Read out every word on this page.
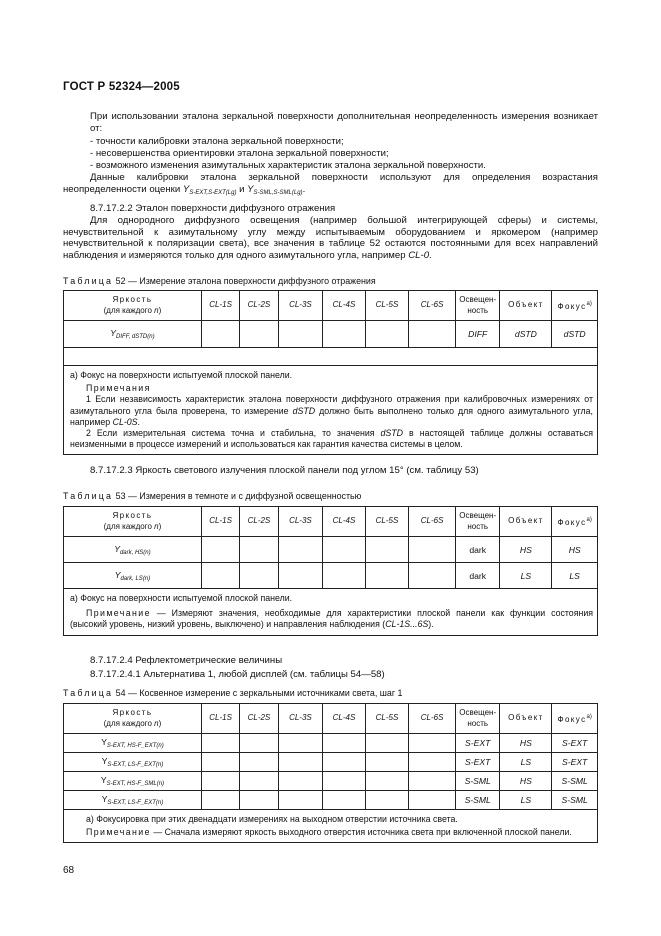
ГОСТ Р 52324—2005

При использовании эталона зеркальной поверхности дополнительная неопределенность измерения возникает от:

- точности калибровки эталона зеркальной поверхности;

- несовершенства ориентировки эталона зеркальной поверхности;

- возможного изменения азимутальных характеристик эталона зеркальной поверхности.

Данные калибровки эталона зеркальной поверхности используют для определения возрастания неопределенности оценки $Y_{S-EXT,S-EXT(Lg)}$ и $Y_{S-SML,S-SML(Lg)}$.

8.7.17.2.2 Эталон поверхности диффузного отражения

Для однородного диффузного освещения (например большой интегрирующей сферы) и системы, нечувствительной к азимутальному углу между испытываемым оборудованием и яркомером (например нечувствительной к поляризации света), все значения в таблице 52 остаются постоянными для всех направлений наблюдения и измеряются только для одного азимутального угла, например CL-0.

Таблица 52 — Измерение эталона поверхности диффузного отражения
Яркость
(для каждого n)	CL-1S	CL-2S	CL-3S	CL-4S	CL-5S	CL-6S	Освещен-
ность	Объект	Фокус$^{а)}$
$Y_{DIFF, dSTD(n)}$							DIFF	dSTD	dSTD

а) Фокус на поверхности испытуемой плоской панели.

Примечания

1 Если независимость характеристик эталона поверхности диффузного отражения при калибровочных измерениях от азимутального угла была проверена, то измерение dSTD должно быть выполнено только для одного азимутального угла, например CL-0S.

2 Если измерительная система точна и стабильна, то значения dSTD в настоящей таблице должны оставаться неизменными в процессе измерений и использоваться как гарантия качества системы в целом.									

8.7.17.2.3 Яркость светового излучения плоской панели под углом 15° (см. таблицу 53)

Таблица 53 — Измерения в темноте и с диффузной освещенностью
Яркость
(для каждого n)	CL-1S	CL-2S	CL-3S	CL-4S	CL-5S	CL-6S	Освещен-
ность	Объект	Фокус$^{а)}$
$Y_{dark, HS(n)}$							dark	HS	HS
$Y_{dark, LS(n)}$							dark	LS	LS

а) Фокус на поверхности испытуемой плоской панели.

Примечание — Измеряют значения, необходимые для характеристики плоской панели как функции состояния (высокий уровень, низкий уровень, выключено) и направления наблюдения (CL-1S...6S).									

8.7.17.2.4 Рефлектометрические величины

8.7.17.2.4.1 Альтернатива 1, любой дисплей (см. таблицы 54—58)

Таблица 54 — Косвенное измерение с зеркальными источниками света, шаг 1
Яркость
(для каждого n)	CL-1S	CL-2S	CL-3S	CL-4S	CL-5S	CL-6S	Освещен-
ность	Объект	Фокус$^{а)}$
$Y_{S-EXT, HS-F\_EXT(n)}$							S-EXT	HS	S-EXT
$Y_{S-EXT, LS-F\_EXT(n)}$							S-EXT	LS	S-EXT
$Y_{S-EXT, HS-F\_SML(n)}$							S-SML	HS	S-SML
$Y_{S-EXT, LS-F\_EXT(n)}$							S-SML	LS	S-SML

а) Фокусировка при этих двенадцати измерениях на выходном отверстии источника света.

Примечание — Сначала измеряют яркость выходного отверстия источника света при включенной плоской панели.									

68
